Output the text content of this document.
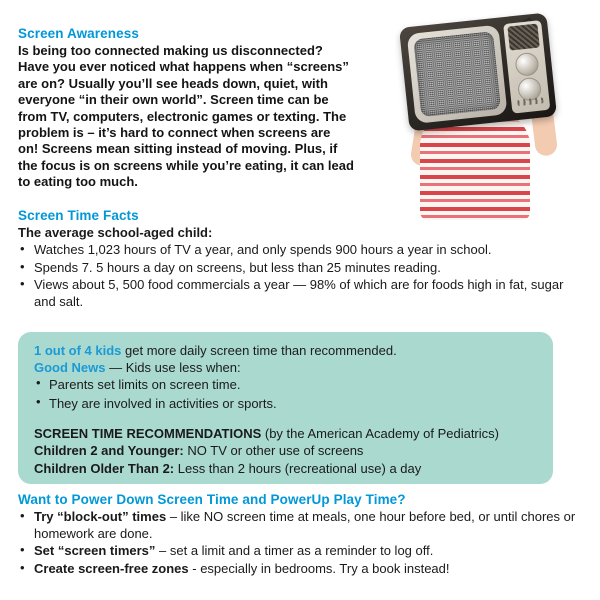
Screen Awareness

Is being too connected making us disconnected? Have you ever noticed what happens when “screens” are on? Usually you’ll see heads down, quiet, with everyone “in their own world”. Screen time can be from TV, computers, electronic games or texting. The problem is – it’s hard to connect when screens are on! Screens mean sitting instead of moving. Plus, if the focus is on screens while you’re eating, it can lead to eating too much.

Screen Time Facts
The average school-aged child:
• Watches 1,023 hours of TV a year, and only spends 900 hours a year in school.
• Spends 7. 5 hours a day on screens, but less than 25 minutes reading.
• Views about 5, 500 food commercials a year — 98% of which are for foods high in fat, sugar and salt.
1 out of 4 kids get more daily screen time than recommended.
Good News — Kids use less when:
• Parents set limits on screen time.
• They are involved in activities or sports.
SCREEN TIME RECOMMENDATIONS (by the American Academy of Pediatrics)
Children 2 and Younger: NO TV or other use of screens
Children Older Than 2: Less than 2 hours (recreational use) a day
Want to Power Down Screen Time and PowerUp Play Time?
• Try “block-out” times – like NO screen time at meals, one hour before bed, or until chores or homework are done.
• Set “screen timers” – set a limit and a timer as a reminder to log off.
• Create screen-free zones - especially in bedrooms. Try a book instead!
